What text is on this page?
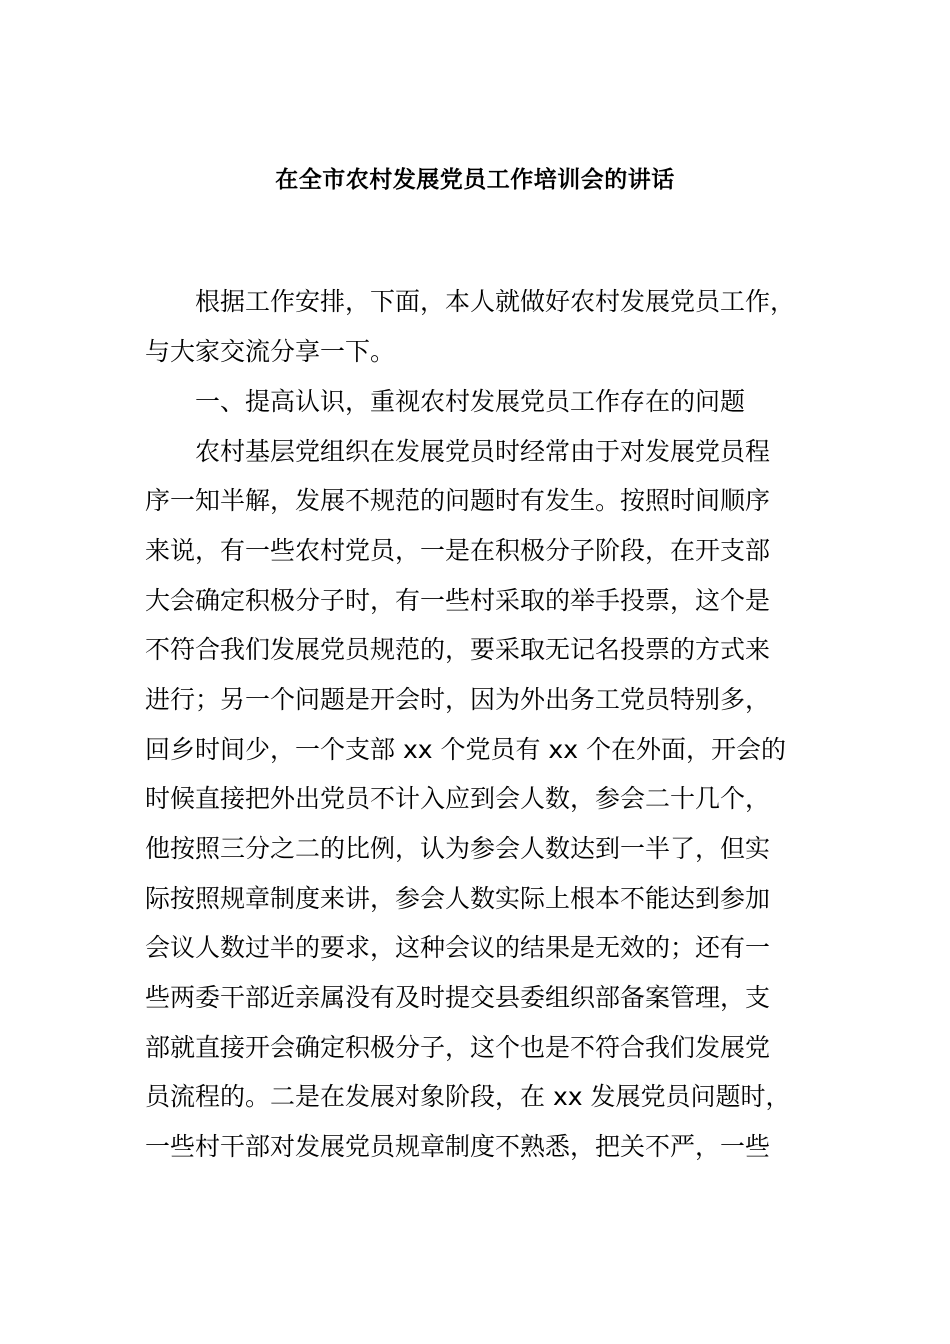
在全市农村发展党员工作培训会的讲话
根据工作安排，下面，本人就做好农村发展党员工作，
与大家交流分享一下。
一、提高认识，重视农村发展党员工作存在的问题
农村基层党组织在发展党员时经常由于对发展党员程
序一知半解，发展不规范的问题时有发生。按照时间顺序
来说，有一些农村党员，一是在积极分子阶段，在开支部
大会确定积极分子时，有一些村采取的举手投票，这个是
不符合我们发展党员规范的，要采取无记名投票的方式来
进行；另一个问题是开会时，因为外出务工党员特别多，
回乡时间少，一个支部 xx 个党员有 xx 个在外面，开会的
时候直接把外出党员不计入应到会人数，参会二十几个，
他按照三分之二的比例，认为参会人数达到一半了，但实
际按照规章制度来讲，参会人数实际上根本不能达到参加
会议人数过半的要求，这种会议的结果是无效的；还有一
些两委干部近亲属没有及时提交县委组织部备案管理，支
部就直接开会确定积极分子，这个也是不符合我们发展党
员流程的。二是在发展对象阶段，在 xx 发展党员问题时，
一些村干部对发展党员规章制度不熟悉，把关不严，一些
